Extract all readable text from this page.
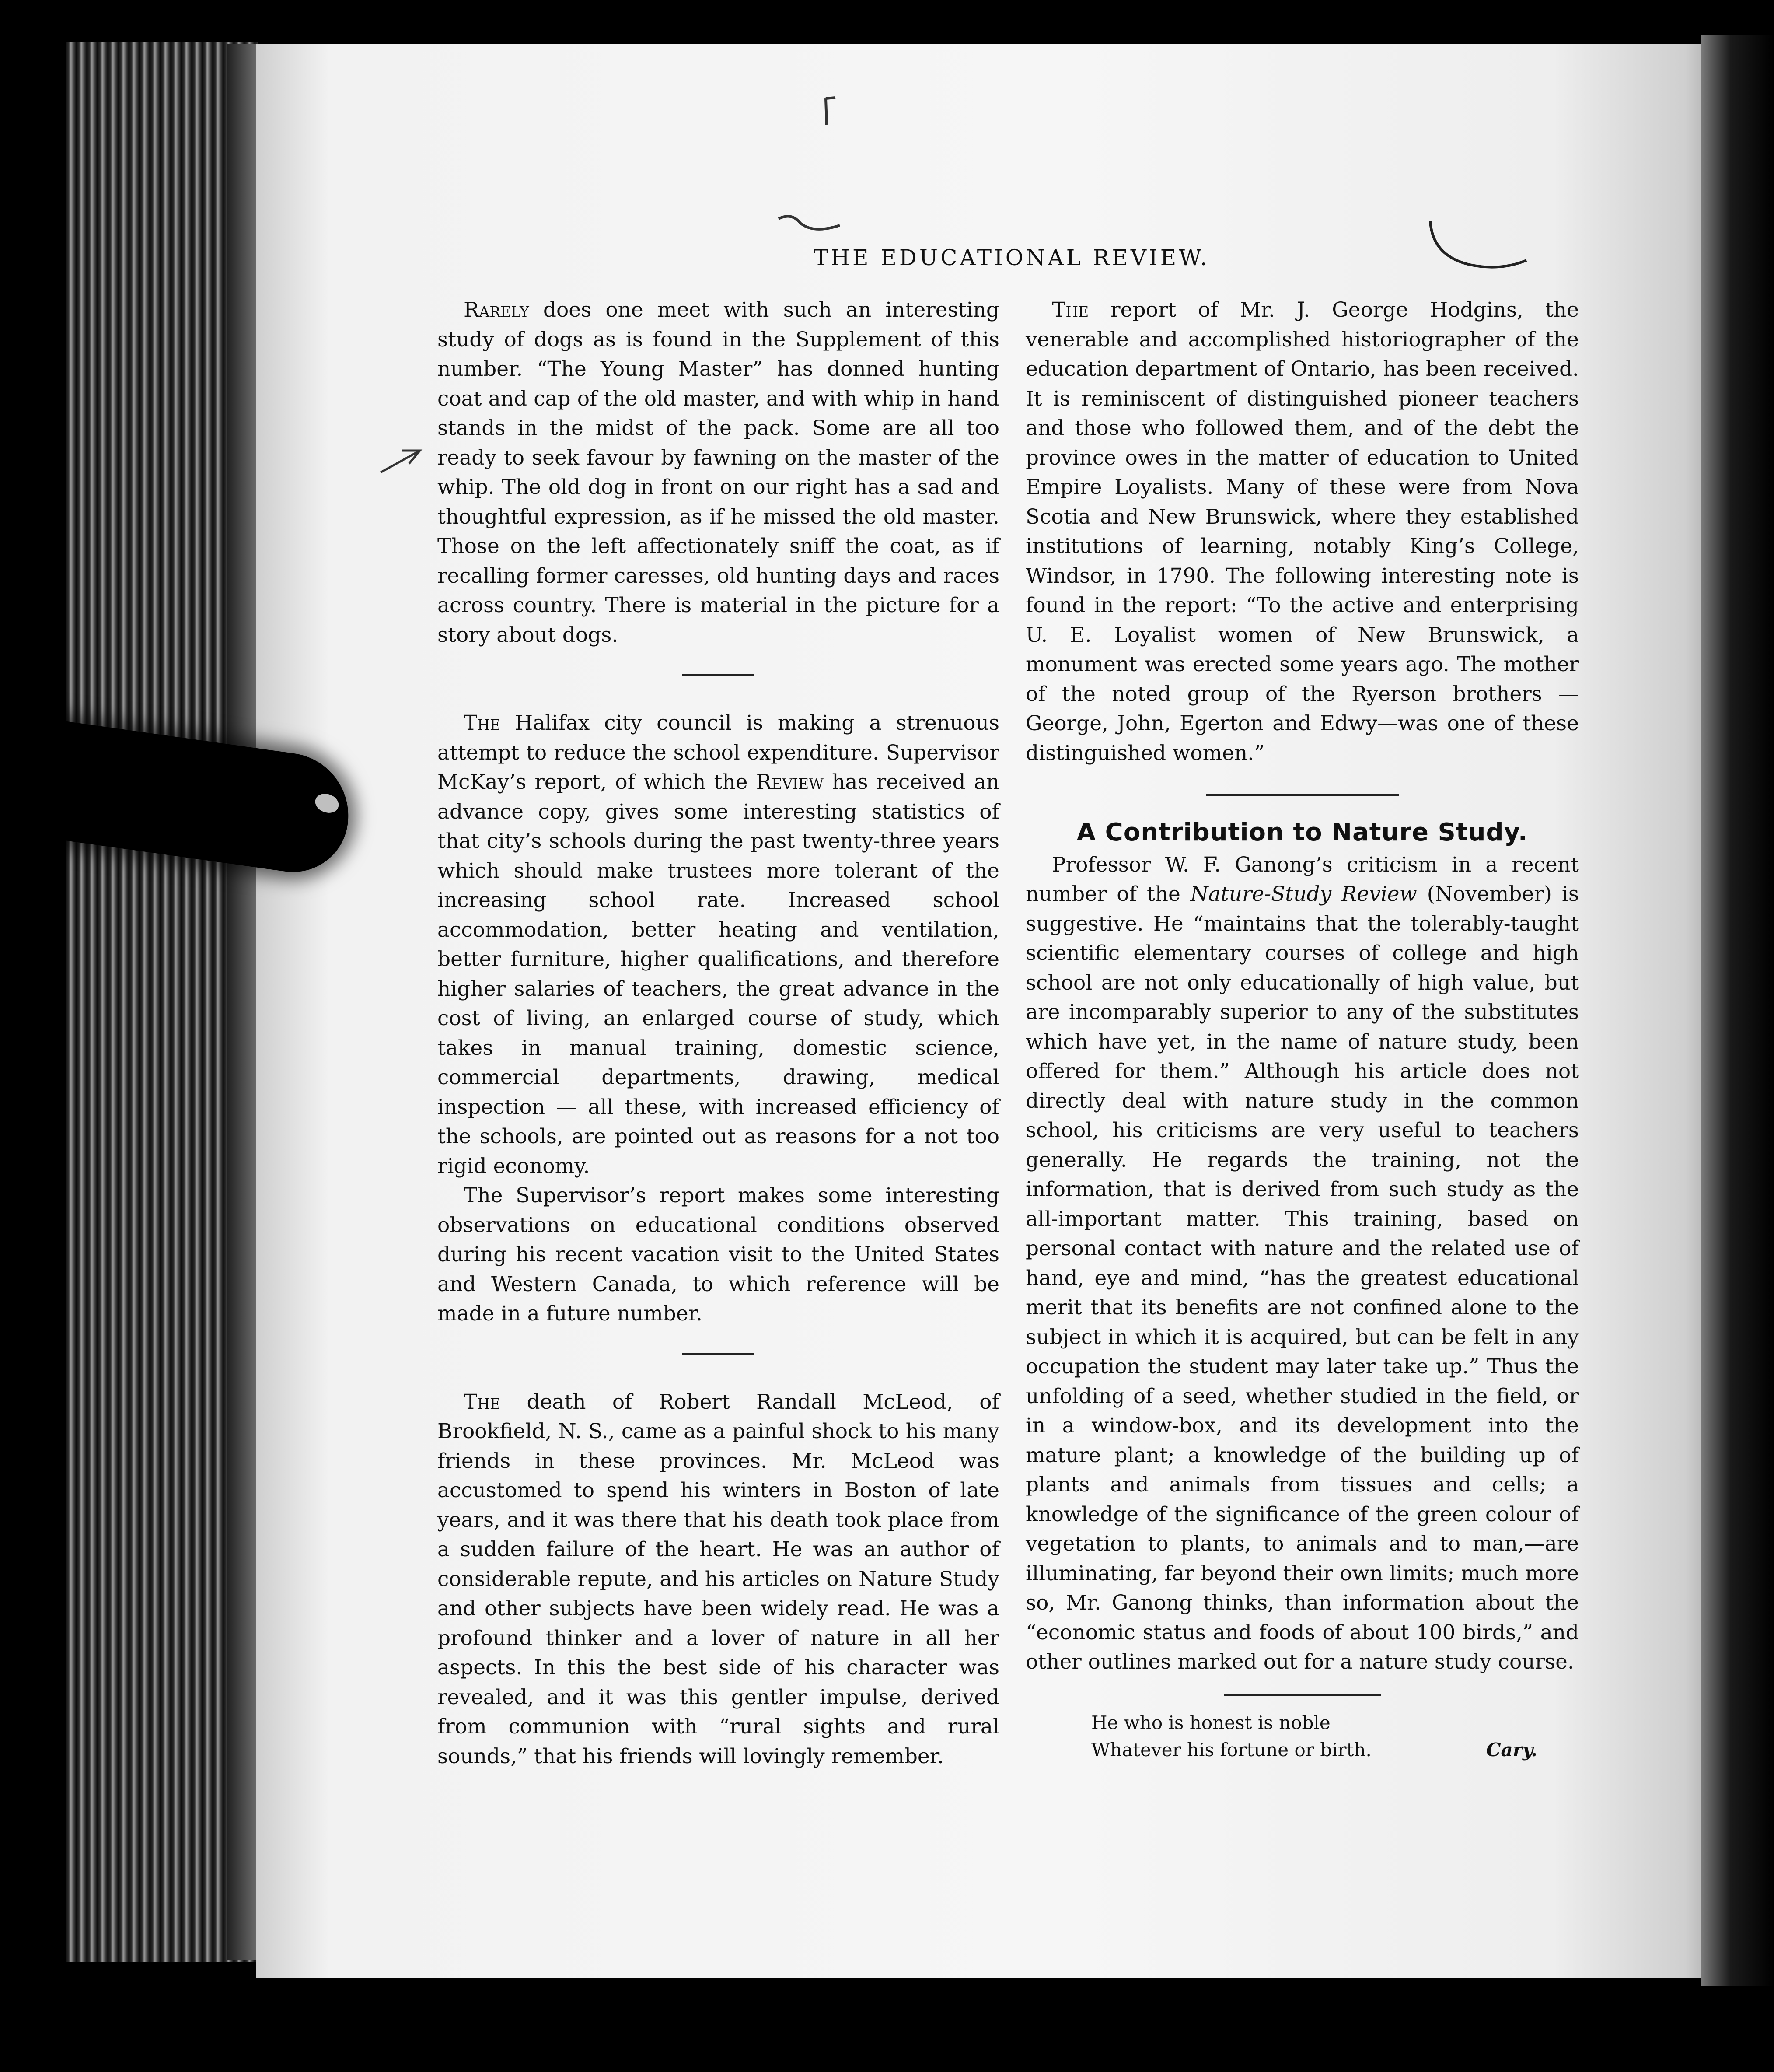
THE EDUCATIONAL REVIEW.

Rarely does one meet with such an interesting study of dogs as is found in the Supplement of this number. “The Young Master” has donned hunting coat and cap of the old master, and with whip in hand stands in the midst of the pack. Some are all too ready to seek favour by fawning on the master of the whip. The old dog in front on our right has a sad and thoughtful expression, as if he missed the old master. Those on the left affectionately sniff the coat, as if recalling former caresses, old hunting days and races across country. There is material in the picture for a story about dogs.

The Halifax city council is making a strenuous attempt to reduce the school expenditure. Supervisor McKay’s report, of which the Review has received an advance copy, gives some interesting statistics of that city’s schools during the past twenty-three years which should make trustees more tolerant of the increasing school rate. Increased school accommodation, better heating and ventilation, better furniture, higher qualifications, and therefore higher salaries of teachers, the great advance in the cost of living, an enlarged course of study, which takes in manual training, domestic science, commercial departments, drawing, medical inspection — all these, with increased efficiency of the schools, are pointed out as reasons for a not too rigid economy.

The Supervisor’s report makes some interesting observations on educational conditions observed during his recent vacation visit to the United States and Western Canada, to which reference will be made in a future number.

The death of Robert Randall McLeod, of Brookfield, N. S., came as a painful shock to his many friends in these provinces. Mr. McLeod was accustomed to spend his winters in Boston of late years, and it was there that his death took place from a sudden failure of the heart. He was an author of considerable repute, and his articles on Nature Study and other subjects have been widely read. He was a profound thinker and a lover of nature in all her aspects. In this the best side of his character was revealed, and it was this gentler impulse, derived from communion with “rural sights and rural sounds,” that his friends will lovingly remember.

The report of Mr. J. George Hodgins, the venerable and accomplished historiographer of the education department of Ontario, has been received. It is reminiscent of distinguished pioneer teachers and those who followed them, and of the debt the province owes in the matter of education to United Empire Loyalists. Many of these were from Nova Scotia and New Brunswick, where they established institutions of learning, notably King’s College, Windsor, in 1790. The following interesting note is found in the report: “To the active and enterprising U. E. Loyalist women of New Brunswick, a monument was erected some years ago. The mother of the noted group of the Ryerson brothers —George, John, Egerton and Edwy—was one of these distinguished women.”

A Contribution to Nature Study.

Professor W. F. Ganong’s criticism in a recent number of the Nature-Study Review (November) is suggestive. He “maintains that the tolerably-taught scientific elementary courses of college and high school are not only educationally of high value, but are incomparably superior to any of the substitutes which have yet, in the name of nature study, been offered for them.” Although his article does not directly deal with nature study in the common school, his criticisms are very useful to teachers generally. He regards the training, not the information, that is derived from such study as the all-important matter. This training, based on personal contact with nature and the related use of hand, eye and mind, “has the greatest educational merit that its benefits are not confined alone to the subject in which it is acquired, but can be felt in any occupation the student may later take up.” Thus the unfolding of a seed, whether studied in the field, or in a window-box, and its development into the mature plant; a knowledge of the building up of plants and animals from tissues and cells; a knowledge of the significance of the green colour of vegetation to plants, to animals and to man,—are illuminating, far beyond their own limits; much more so, Mr. Ganong thinks, than information about the “economic status and foods of about 100 birds,” and other outlines marked out for a nature study course.

He who is honest is noble
Whatever his fortune or birth.	Cary.
